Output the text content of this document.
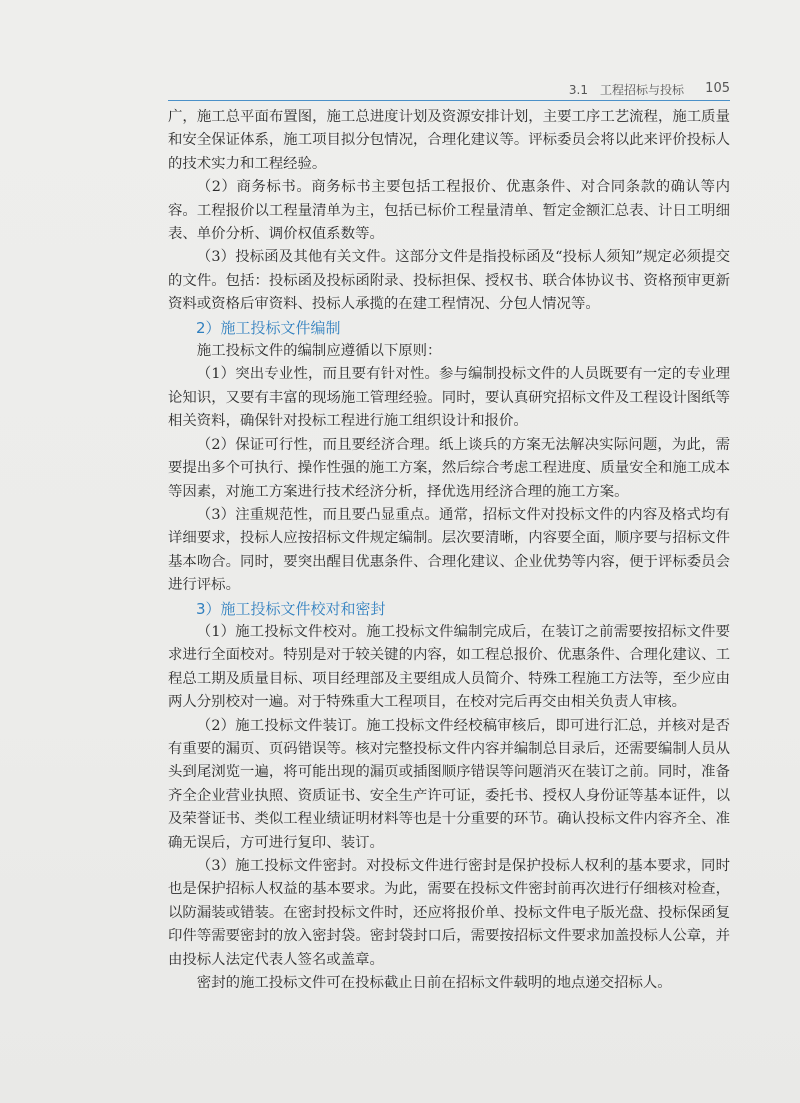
3.1　工程招标与投标 105

广，施工总平面布置图，施工总进度计划及资源安排计划，主要工序工艺流程，施工质量和安全保证体系，施工项目拟分包情况，合理化建议等。评标委员会将以此来评价投标人的技术实力和工程经验。

（2）商务标书。商务标书主要包括工程报价、优惠条件、对合同条款的确认等内容。工程报价以工程量清单为主，包括已标价工程量清单、暂定金额汇总表、计日工明细表、单价分析、调价权值系数等。

（3）投标函及其他有关文件。这部分文件是指投标函及“投标人须知”规定必须提交的文件。包括：投标函及投标函附录、投标担保、授权书、联合体协议书、资格预审更新资料或资格后审资料、投标人承揽的在建工程情况、分包人情况等。

2）施工投标文件编制

施工投标文件的编制应遵循以下原则：

（1）突出专业性，而且要有针对性。参与编制投标文件的人员既要有一定的专业理论知识，又要有丰富的现场施工管理经验。同时，要认真研究招标文件及工程设计图纸等相关资料，确保针对投标工程进行施工组织设计和报价。

（2）保证可行性，而且要经济合理。纸上谈兵的方案无法解决实际问题，为此，需要提出多个可执行、操作性强的施工方案，然后综合考虑工程进度、质量安全和施工成本等因素，对施工方案进行技术经济分析，择优选用经济合理的施工方案。

（3）注重规范性，而且要凸显重点。通常，招标文件对投标文件的内容及格式均有详细要求，投标人应按招标文件规定编制。层次要清晰，内容要全面，顺序要与招标文件基本吻合。同时，要突出醒目优惠条件、合理化建议、企业优势等内容，便于评标委员会进行评标。

3）施工投标文件校对和密封

（1）施工投标文件校对。施工投标文件编制完成后，在装订之前需要按招标文件要求进行全面校对。特别是对于较关键的内容，如工程总报价、优惠条件、合理化建议、工程总工期及质量目标、项目经理部及主要组成人员简介、特殊工程施工方法等，至少应由两人分别校对一遍。对于特殊重大工程项目，在校对完后再交由相关负责人审核。

（2）施工投标文件装订。施工投标文件经校稿审核后，即可进行汇总，并核对是否有重要的漏页、页码错误等。核对完整投标文件内容并编制总目录后，还需要编制人员从头到尾浏览一遍，将可能出现的漏页或插图顺序错误等问题消灭在装订之前。同时，准备齐全企业营业执照、资质证书、安全生产许可证，委托书、授权人身份证等基本证件，以及荣誉证书、类似工程业绩证明材料等也是十分重要的环节。确认投标文件内容齐全、准确无误后，方可进行复印、装订。

（3）施工投标文件密封。对投标文件进行密封是保护投标人权利的基本要求，同时也是保护招标人权益的基本要求。为此，需要在投标文件密封前再次进行仔细核对检查，以防漏装或错装。在密封投标文件时，还应将报价单、投标文件电子版光盘、投标保函复印件等需要密封的放入密封袋。密封袋封口后，需要按招标文件要求加盖投标人公章，并由投标人法定代表人签名或盖章。

密封的施工投标文件可在投标截止日前在招标文件载明的地点递交招标人。
